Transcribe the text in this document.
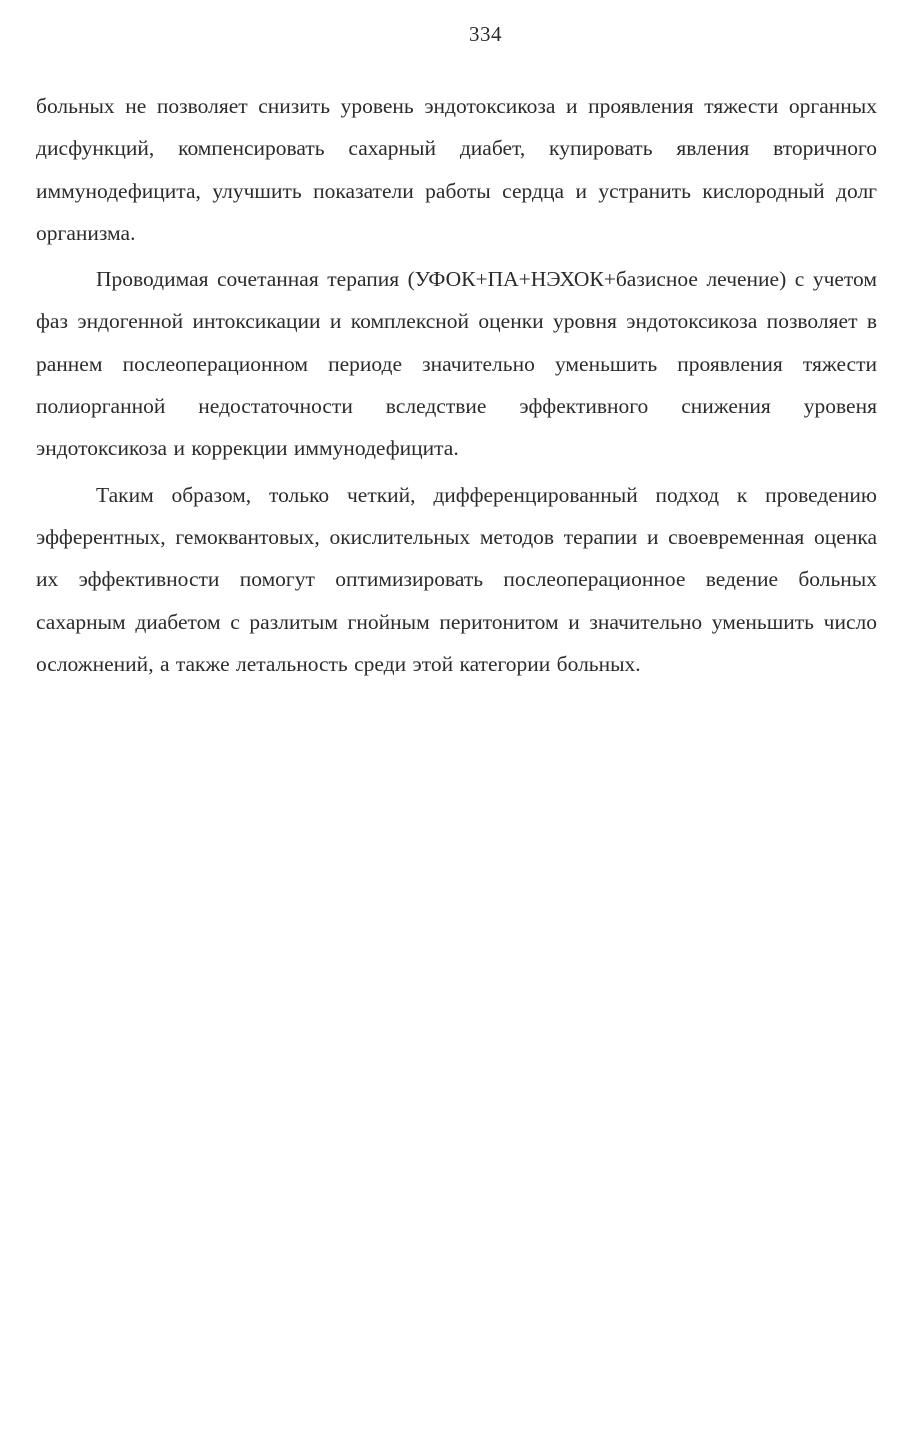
334

больных не позволяет снизить уровень эндотоксикоза и проявления тяжести органных дисфункций, компенсировать сахарный диабет, купировать явления вторичного иммунодефицита, улучшить показатели работы сердца и устранить кислородный долг организма.

Проводимая сочетанная терапия (УФОК+ПА+НЭХОК+базисное лечение) с учетом фаз эндогенной интоксикации и комплексной оценки уровня эндотоксикоза позволяет в раннем послеоперационном периоде значительно уменьшить проявления тяжести полиорганной недостаточности вследствие эффективного снижения уровеня эндотоксикоза и коррекции иммунодефицита.

Таким образом, только четкий, дифференцированный подход к проведению эфферентных, гемоквантовых, окислительных методов терапии и своевременная оценка их эффективности помогут оптимизировать послеоперационное ведение больных сахарным диабетом с разлитым гнойным перитонитом и значительно уменьшить число осложнений, а также летальность среди этой категории больных.
